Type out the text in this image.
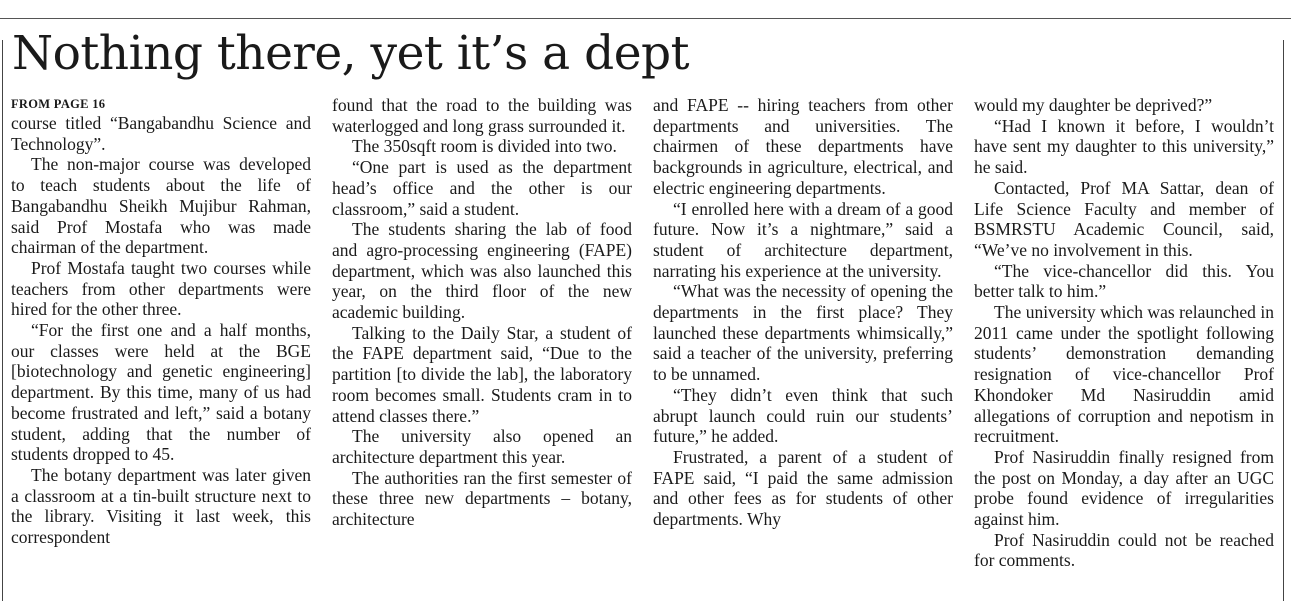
Nothing there, yet it’s a dept
FROM PAGE 16

course titled “Bangabandhu Science and Technology”.

The non-major course was developed to teach students about the life of Bangabandhu Sheikh Mujibur Rahman, said Prof Mostafa who was made chairman of the department.

Prof Mostafa taught two courses while teachers from other departments were hired for the other three.

“For the first one and a half months, our classes were held at the BGE [biotechnology and genetic engineering] department. By this time, many of us had become frustrated and left,” said a botany student, adding that the number of students dropped to 45.

The botany department was later given a classroom at a tin-built structure next to the library. Visiting it last week, this correspondent

found that the road to the building was waterlogged and long grass surrounded it.

The 350sqft room is divided into two.

“One part is used as the department head’s office and the other is our classroom,” said a student.

The students sharing the lab of food and agro-processing engineering (FAPE) department, which was also launched this year, on the third floor of the new academic building.

Talking to the Daily Star, a student of the FAPE department said, “Due to the partition [to divide the lab], the laboratory room becomes small. Students cram in to attend classes there.”

The university also opened an architecture department this year.

The authorities ran the first semester of these three new departments – botany, architecture

and FAPE -- hiring teachers from other departments and universities. The chairmen of these departments have backgrounds in agriculture, electrical, and electric engineering departments.

“I enrolled here with a dream of a good future. Now it’s a nightmare,” said a student of architecture department, narrating his experience at the university.

“What was the necessity of opening the departments in the first place? They launched these departments whimsically,” said a teacher of the university, preferring to be unnamed.

“They didn’t even think that such abrupt launch could ruin our students’ future,” he added.

Frustrated, a parent of a student of FAPE said, “I paid the same admission and other fees as for students of other departments. Why

would my daughter be deprived?”

“Had I known it before, I wouldn’t have sent my daughter to this university,” he said.

Contacted, Prof MA Sattar, dean of Life Science Faculty and member of BSMRSTU Academic Council, said, “We’ve no involvement in this.

“The vice-chancellor did this. You better talk to him.”

The university which was relaunched in 2011 came under the spotlight following students’ demonstration demanding resignation of vice-chancellor Prof Khondoker Md Nasiruddin amid allegations of corruption and nepotism in recruitment.

Prof Nasiruddin finally resigned from the post on Monday, a day after an UGC probe found evidence of irregularities against him.

Prof Nasiruddin could not be reached for comments.
